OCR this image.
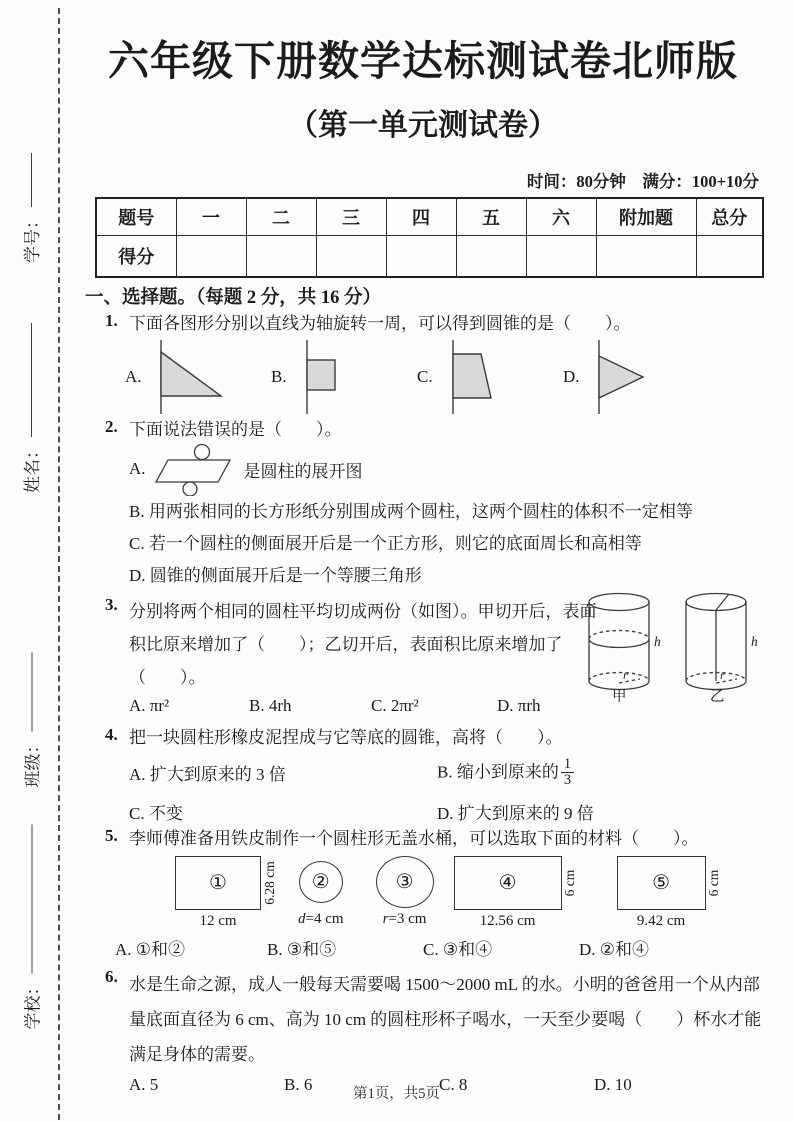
学号：
姓名：
班级：
学校：
六年级下册数学达标测试卷北师版
（第一单元测试卷）
时间：80分钟　满分：100+10分
题号	一	二	三	四	五	六	附加题	总分
得分								

一、选择题。（每题 2 分，共 16 分）

1. 下面各图形分别以直线为轴旋转一周，可以得到圆锥的是（　　）。
A.	B.	C.	D.
2. 下面说法错误的是（　　）。
A.	是圆柱的展开图
B. 用两张相同的长方形纸分别围成两个圆柱，这两个圆柱的体积不一定相等
C. 若一个圆柱的侧面展开后是一个正方形，则它的底面周长和高相等
D. 圆锥的侧面展开后是一个等腰三角形
3. 分别将两个相同的圆柱平均切成两份（如图）。甲切开后，表面积比原来增加了（　　）；乙切开后，表面积比原来增加了（　　）。
A. πr²	B. 4rh	C. 2πr²	D. πrh
r
h
甲
r
h
乙
4. 把一块圆柱形橡皮泥捏成与它等底的圆锥，高将（　　）。
A. 扩大到原来的 3 倍	B. 缩小到原来的 $\frac{1}{3}$
C. 不变	D. 扩大到原来的 9 倍
5. 李师傅准备用铁皮制作一个圆柱形无盖水桶，可以选取下面的材料（　　）。
①	6.28 cm
12 cm
②
d=4 cm
③
r=3 cm
④	6 cm
12.56 cm
⑤	6 cm
9.42 cm
A. ①和②	B. ③和⑤	C. ③和④	D. ②和④
6. 水是生命之源，成人一般每天需要喝 1500～2000 mL 的水。小明的爸爸用一个从内部量底面直径为 6 cm、高为 10 cm 的圆柱形杯子喝水，一天至少要喝（　　）杯水才能满足身体的需要。
A. 5	B. 6	C. 8	D. 10
第1页，共5页
